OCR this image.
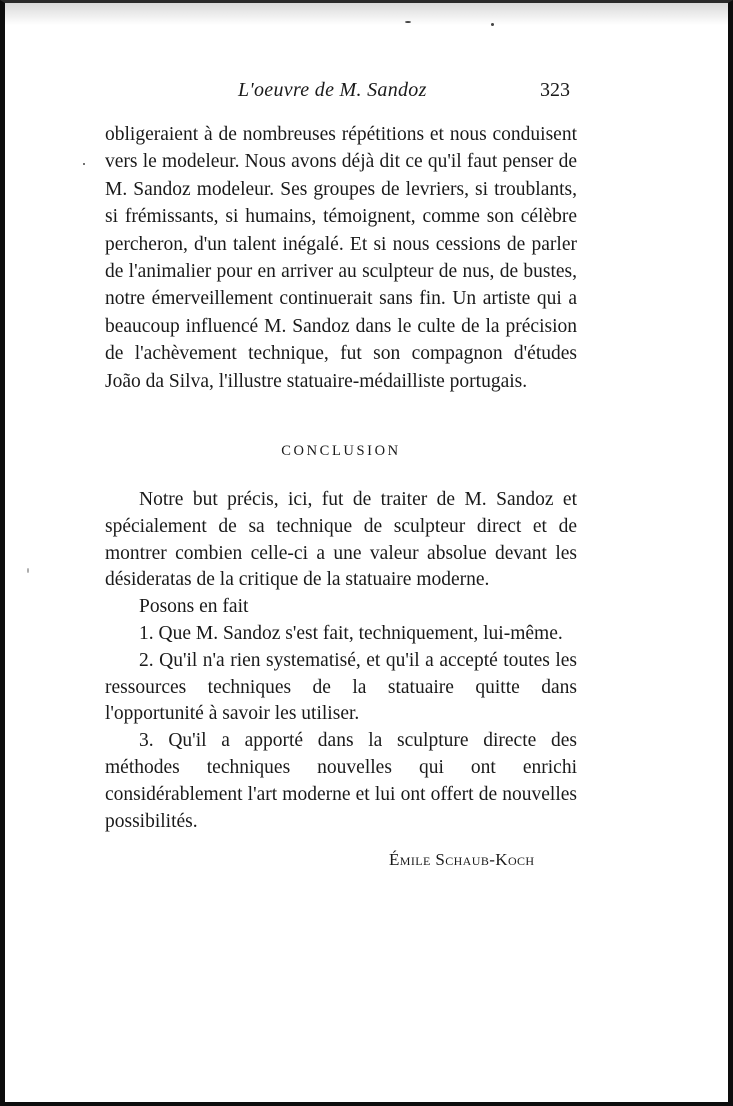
L'oeuvre de M. Sandoz	323

obligeraient à de nombreuses répétitions et nous conduisent vers le modeleur. Nous avons déjà dit ce qu'il faut penser de M. Sandoz modeleur. Ses groupes de levriers, si troublants, si frémissants, si humains, témoignent, comme son célèbre percheron, d'un talent inégalé. Et si nous cessions de parler de l'animalier pour en arriver au sculpteur de nus, de bustes, notre émerveillement continuerait sans fin. Un artiste qui a beaucoup influencé M. Sandoz dans le culte de la précision de l'achèvement technique, fut son compagnon d'études João da Silva, l'illustre statuaire-médailliste portugais.

CONCLUSION

Notre but précis, ici, fut de traiter de M. Sandoz et spécialement de sa technique de sculpteur direct et de montrer combien celle-ci a une valeur absolue devant les désideratas de la critique de la statuaire moderne.

Posons en fait

1. Que M. Sandoz s'est fait, techniquement, lui-même.

2. Qu'il n'a rien systematisé, et qu'il a accepté toutes les ressources techniques de la statuaire quitte dans l'opportunité à savoir les utiliser.

3. Qu'il a apporté dans la sculpture directe des méthodes techniques nouvelles qui ont enrichi considérablement l'art moderne et lui ont offert de nouvelles possibilités.

Émile Schaub-Koch
